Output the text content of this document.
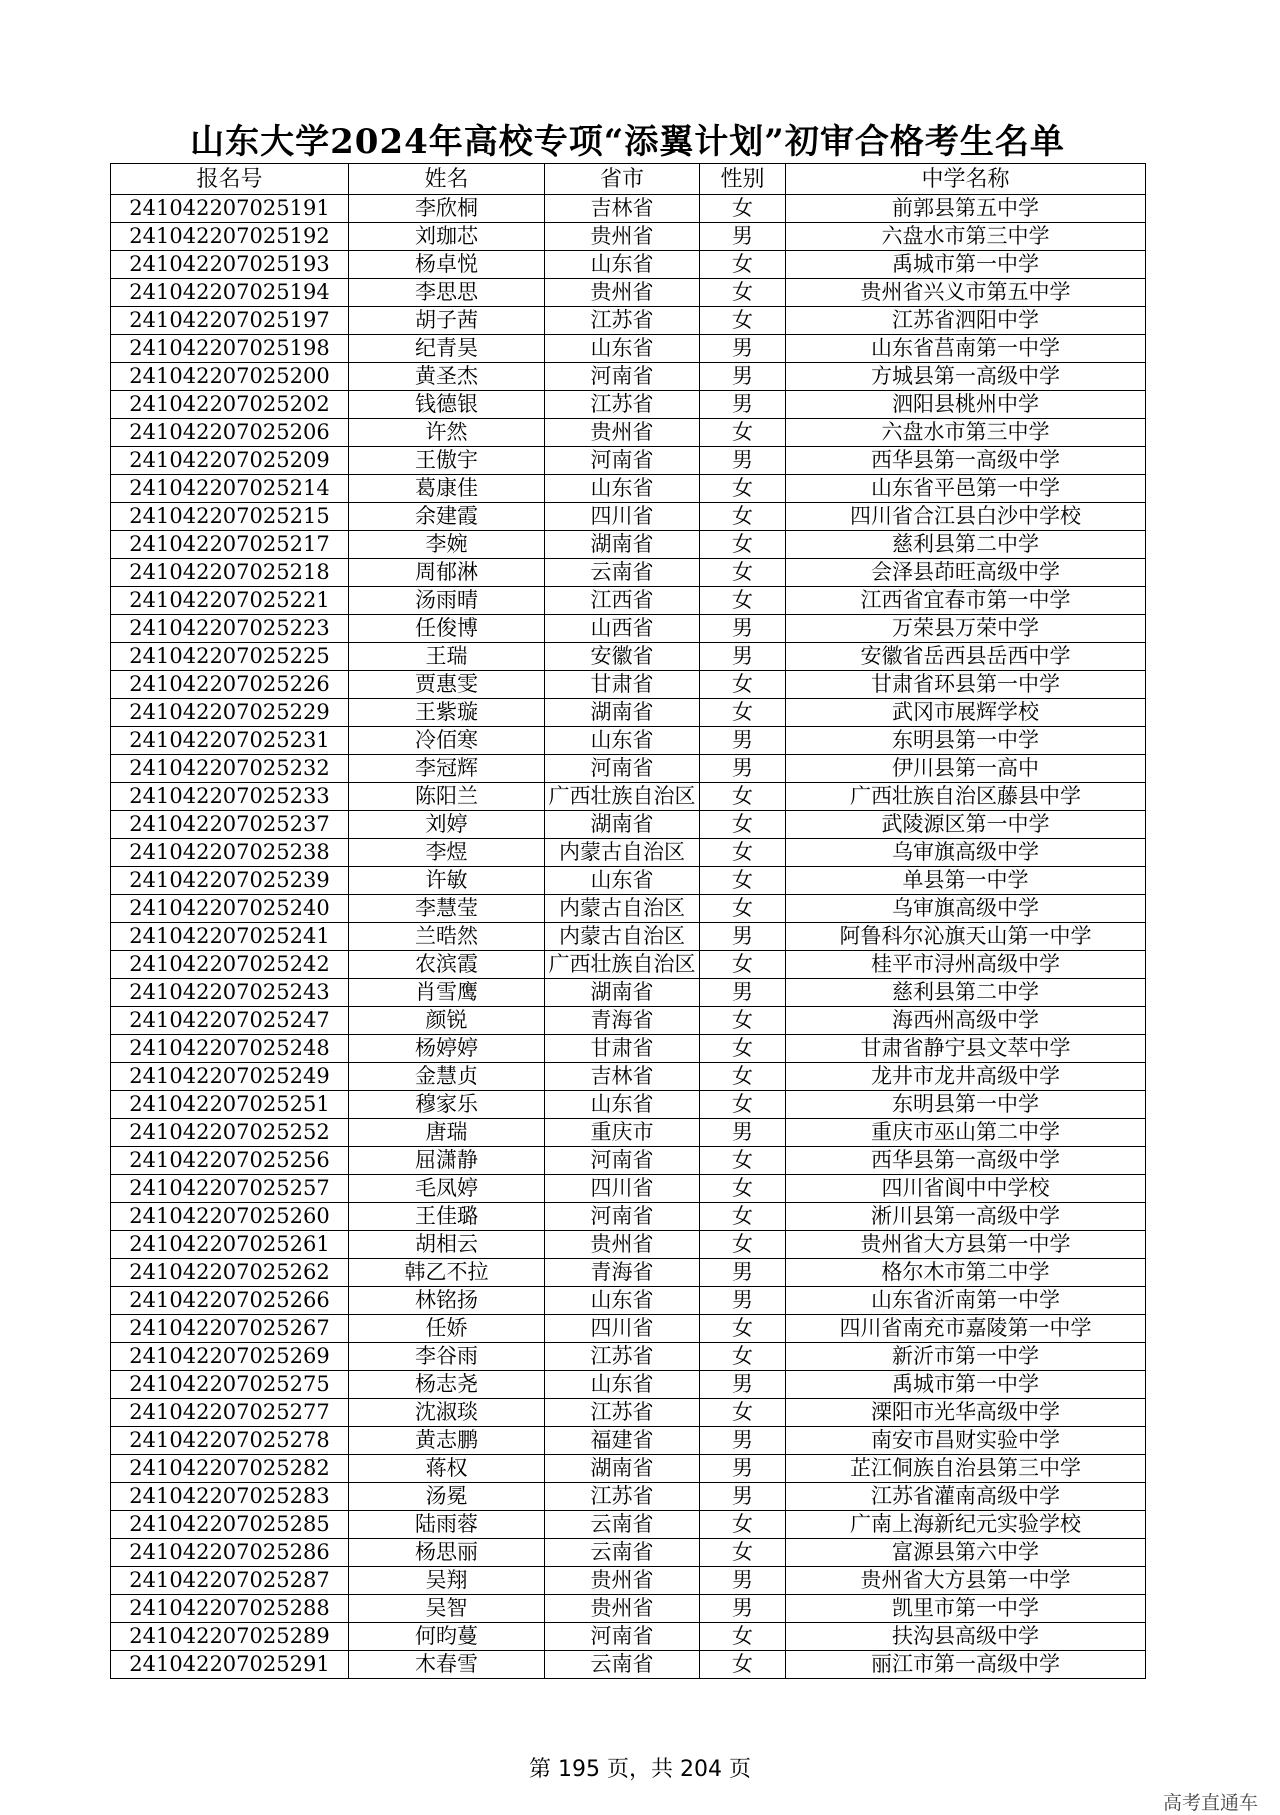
山东大学2024年高校专项“添翼计划”初审合格考生名单
报名号	姓名	省市	性别	中学名称
241042207025191	李欣桐	吉林省	女	前郭县第五中学
241042207025192	刘珈芯	贵州省	男	六盘水市第三中学
241042207025193	杨卓悦	山东省	女	禹城市第一中学
241042207025194	李思思	贵州省	女	贵州省兴义市第五中学
241042207025197	胡子茜	江苏省	女	江苏省泗阳中学
241042207025198	纪青昊	山东省	男	山东省莒南第一中学
241042207025200	黄圣杰	河南省	男	方城县第一高级中学
241042207025202	钱德银	江苏省	男	泗阳县桃州中学
241042207025206	许然	贵州省	女	六盘水市第三中学
241042207025209	王傲宇	河南省	男	西华县第一高级中学
241042207025214	葛康佳	山东省	女	山东省平邑第一中学
241042207025215	余建霞	四川省	女	四川省合江县白沙中学校
241042207025217	李婉	湖南省	女	慈利县第二中学
241042207025218	周郁淋	云南省	女	会泽县茚旺高级中学
241042207025221	汤雨晴	江西省	女	江西省宜春市第一中学
241042207025223	任俊博	山西省	男	万荣县万荣中学
241042207025225	王瑞	安徽省	男	安徽省岳西县岳西中学
241042207025226	贾惠雯	甘肃省	女	甘肃省环县第一中学
241042207025229	王紫璇	湖南省	女	武冈市展辉学校
241042207025231	冷佰寒	山东省	男	东明县第一中学
241042207025232	李冠辉	河南省	男	伊川县第一高中
241042207025233	陈阳兰	广西壮族自治区	女	广西壮族自治区藤县中学
241042207025237	刘婷	湖南省	女	武陵源区第一中学
241042207025238	李煜	内蒙古自治区	女	乌审旗高级中学
241042207025239	许敏	山东省	女	单县第一中学
241042207025240	李慧莹	内蒙古自治区	女	乌审旗高级中学
241042207025241	兰晧然	内蒙古自治区	男	阿鲁科尔沁旗天山第一中学
241042207025242	农滨霞	广西壮族自治区	女	桂平市浔州高级中学
241042207025243	肖雪鹰	湖南省	男	慈利县第二中学
241042207025247	颜锐	青海省	女	海西州高级中学
241042207025248	杨婷婷	甘肃省	女	甘肃省静宁县文萃中学
241042207025249	金慧贞	吉林省	女	龙井市龙井高级中学
241042207025251	穆家乐	山东省	女	东明县第一中学
241042207025252	唐瑞	重庆市	男	重庆市巫山第二中学
241042207025256	屈潇静	河南省	女	西华县第一高级中学
241042207025257	毛凤婷	四川省	女	四川省阆中中学校
241042207025260	王佳璐	河南省	女	淅川县第一高级中学
241042207025261	胡相云	贵州省	女	贵州省大方县第一中学
241042207025262	韩乙不拉	青海省	男	格尔木市第二中学
241042207025266	林铭扬	山东省	男	山东省沂南第一中学
241042207025267	任娇	四川省	女	四川省南充市嘉陵第一中学
241042207025269	李谷雨	江苏省	女	新沂市第一中学
241042207025275	杨志尧	山东省	男	禹城市第一中学
241042207025277	沈淑琰	江苏省	女	溧阳市光华高级中学
241042207025278	黄志鹏	福建省	男	南安市昌财实验中学
241042207025282	蒋权	湖南省	男	芷江侗族自治县第三中学
241042207025283	汤冕	江苏省	男	江苏省灌南高级中学
241042207025285	陆雨蓉	云南省	女	广南上海新纪元实验学校
241042207025286	杨思丽	云南省	女	富源县第六中学
241042207025287	吴翔	贵州省	男	贵州省大方县第一中学
241042207025288	吴智	贵州省	男	凯里市第一中学
241042207025289	何昀蔓	河南省	女	扶沟县高级中学
241042207025291	木春雪	云南省	女	丽江市第一高级中学
第 195 页，共 204 页
高考直通车
